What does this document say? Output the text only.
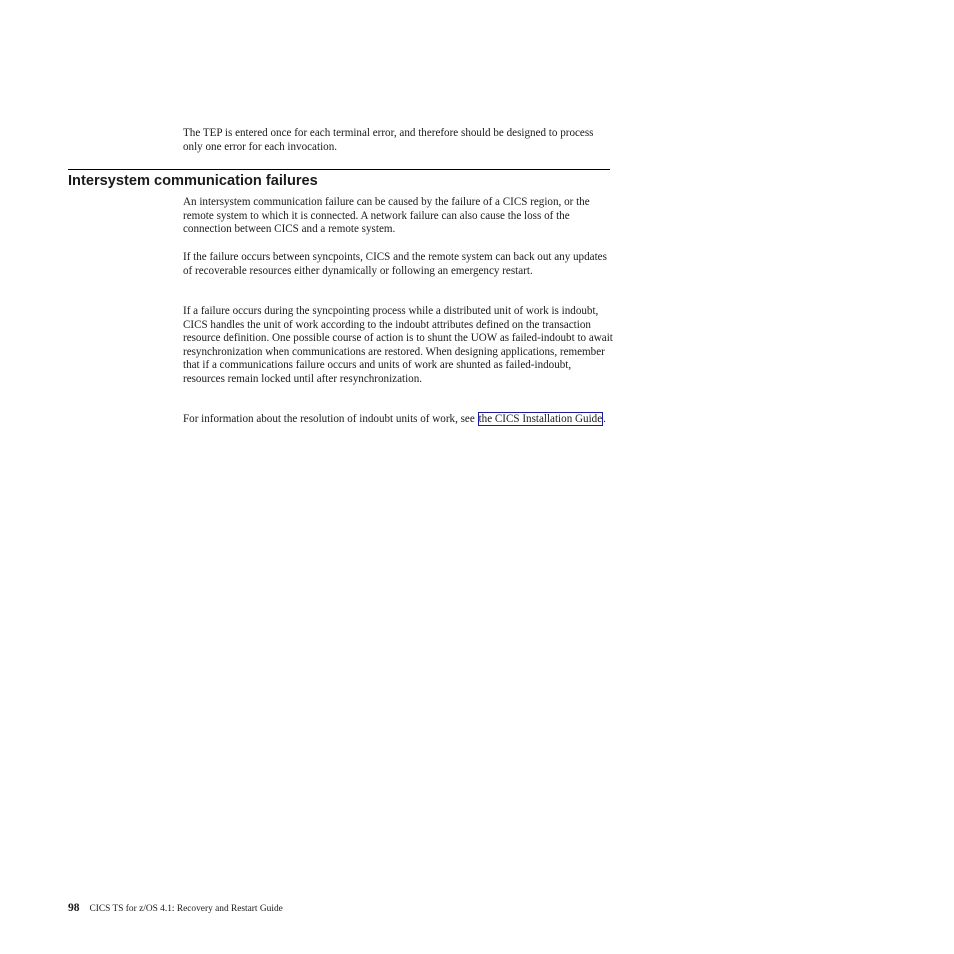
The TEP is entered once for each terminal error, and therefore should be designed to process only one error for each invocation.

Intersystem communication failures

An intersystem communication failure can be caused by the failure of a CICS region, or the remote system to which it is connected. A network failure can also cause the loss of the connection between CICS and a remote system.

If the failure occurs between syncpoints, CICS and the remote system can back out any updates of recoverable resources either dynamically or following an emergency restart.

If a failure occurs during the syncpointing process while a distributed unit of work is indoubt, CICS handles the unit of work according to the indoubt attributes defined on the transaction resource definition. One possible course of action is to shunt the UOW as failed-indoubt to await resynchronization when communications are restored. When designing applications, remember that if a communications failure occurs and units of work are shunted as failed-indoubt, resources remain locked until after resynchronization.

For information about the resolution of indoubt units of work, see the CICS Installation Guide.

98 CICS TS for z/OS 4.1: Recovery and Restart Guide
